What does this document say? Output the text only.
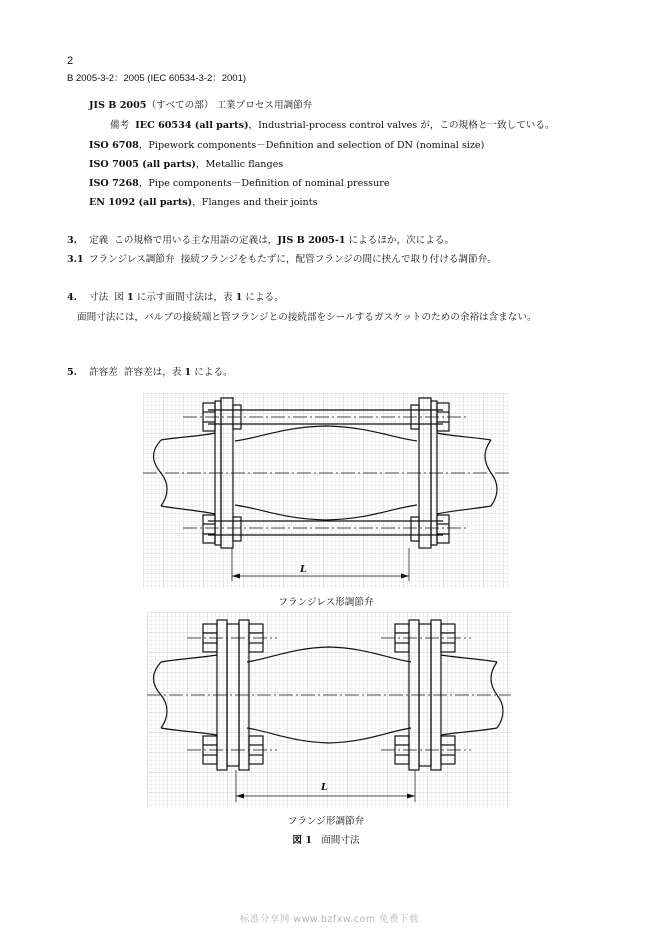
2
B 2005-3-2：2005 (IEC 60534-3-2：2001)
JIS B 2005（すべての部） 工業プロセス用調節弁
備考 IEC 60534 (all parts)，Industrial-process control valves が，この規格と一致している。
ISO 6708，Pipework components－Definition and selection of DN (nominal size)
ISO 7005 (all parts)，Metallic flanges
ISO 7268，Pipe components－Definition of nominal pressure
EN 1092 (all parts)，Flanges and their joints
3. 定義 この規格で用いる主な用語の定義は，JIS B 2005-1 によるほか，次による。
3.1 フランジレス調節弁 接続フランジをもたずに，配管フランジの間に挟んで取り付ける調節弁。
4. 寸法 図 1 に示す面間寸法は，表 1 による。
面間寸法には，バルブの接続端と管フランジとの接続部をシールするガスケットのための余裕は含まない。
5. 許容差 許容差は，表 1 による。
L
フランジレス形調節弁
L
フランジ形調節弁
図 1 面間寸法
标准分享网 www.bzfxw.com 免费下载
